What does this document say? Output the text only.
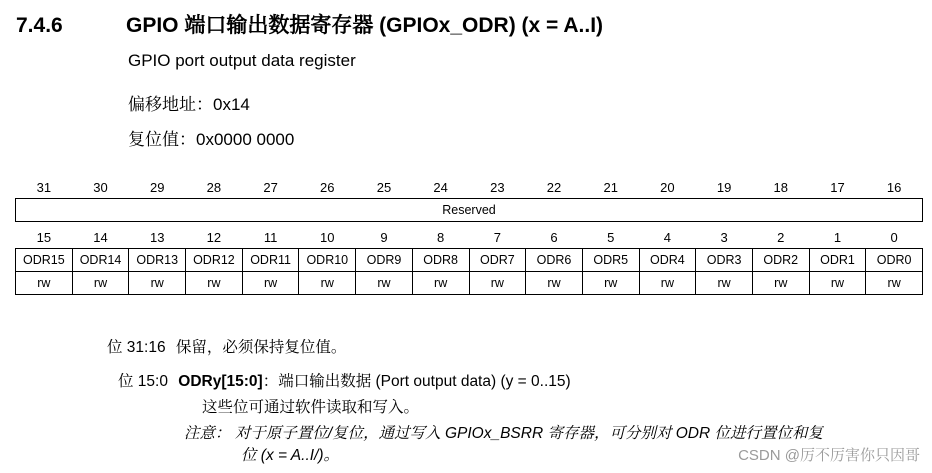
7.4.6	GPIO 端口输出数据寄存器 (GPIOx_ODR) (x = A..I)
GPIO port output data register
偏移地址：0x14
复位值：0x0000 0000
31	30	29	28	27	26	25	24	23	22	21	20	19	18	17	16
Reserved
15	14	13	12	11	10	9	8	7	6	5	4	3	2	1	0
ODR15	ODR14	ODR13	ODR12	ODR11	ODR10	ODR9	ODR8	ODR7	ODR6	ODR5	ODR4	ODR3	ODR2	ODR1	ODR0
rw	rw	rw	rw	rw	rw	rw	rw	rw	rw	rw	rw	rw	rw	rw	rw
位 31:16 保留，必须保持复位值。
位 15:0 ODRy[15:0]：端口输出数据 (Port output data) (y = 0..15)
这些位可通过软件读取和写入。
注意： 对于原子置位/复位，通过写入 GPIOx_BSRR 寄存器，可分别对 ODR 位进行置位和复
位 (x = A..I/)。	CSDN @厉不厉害你只因哥
